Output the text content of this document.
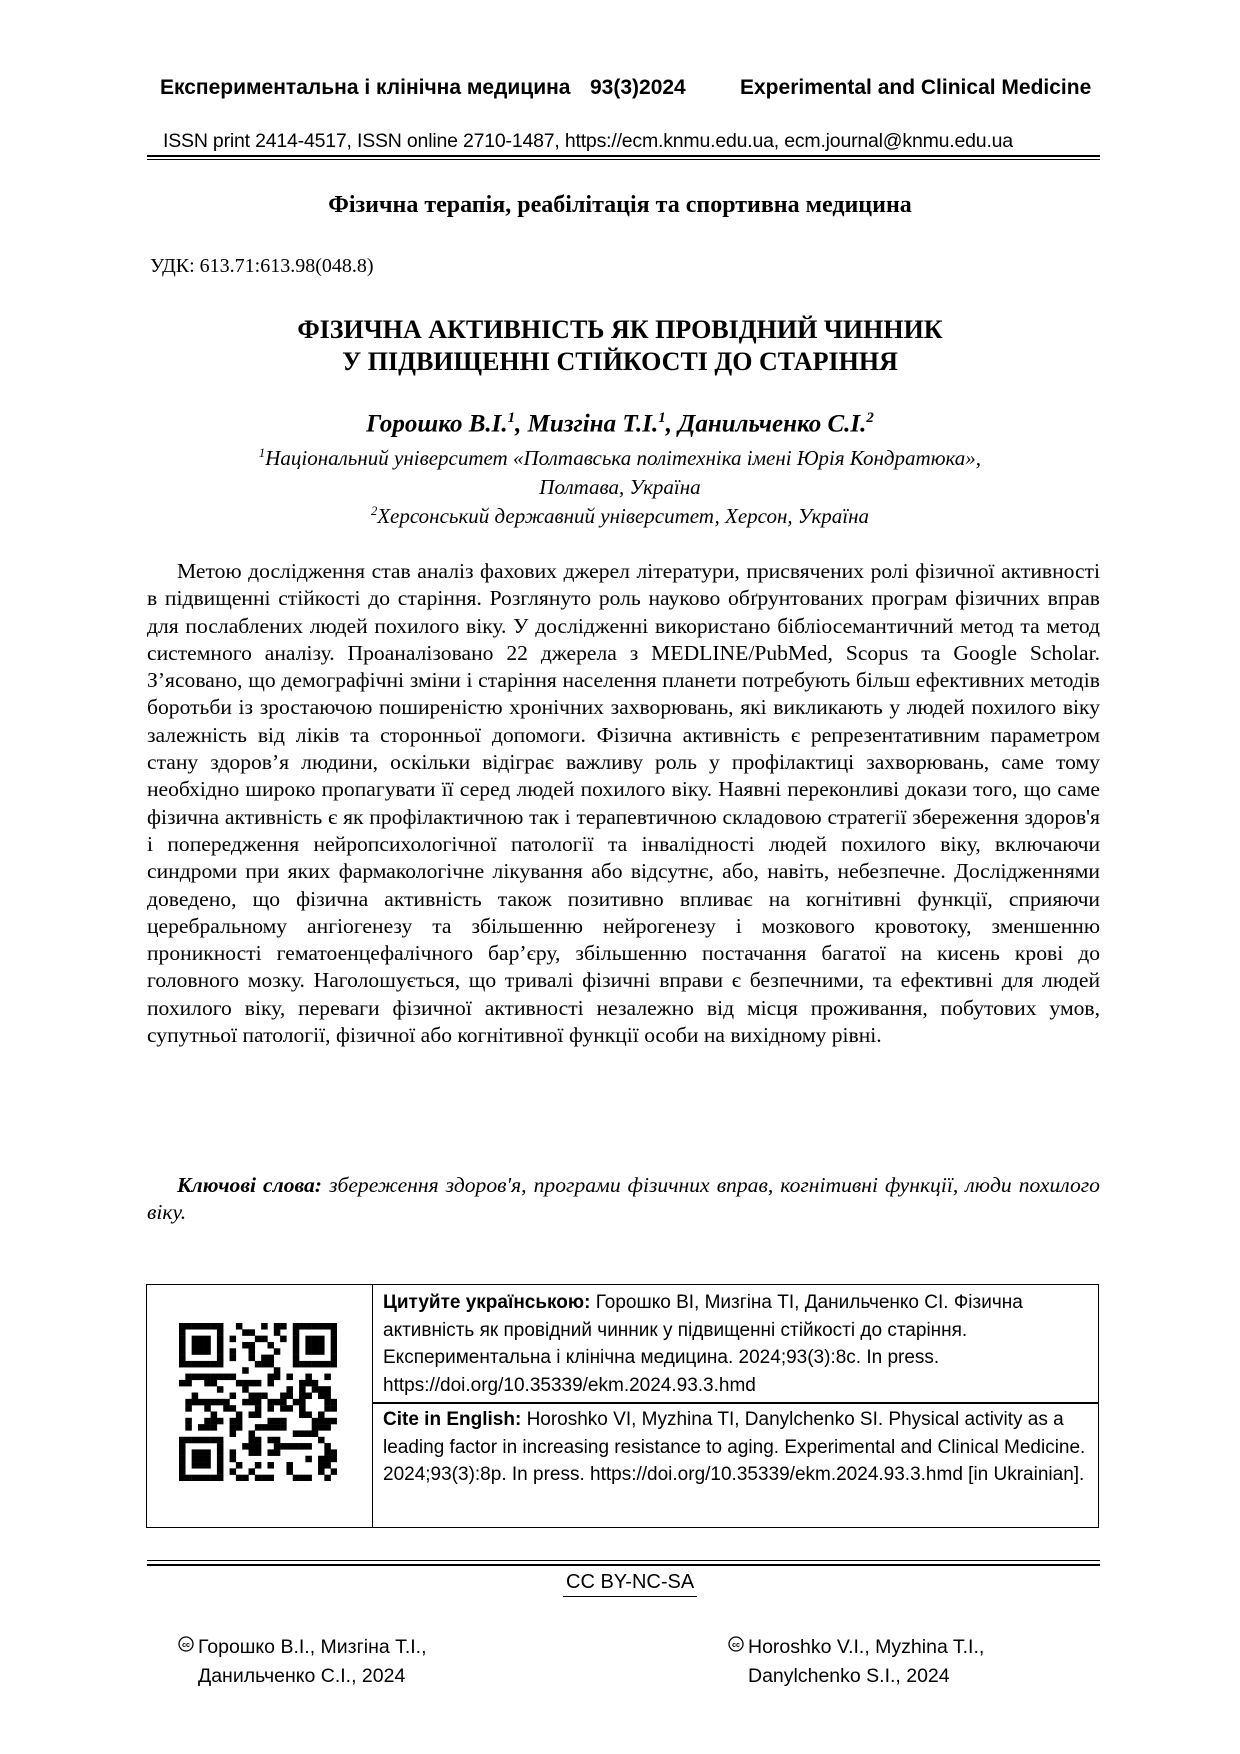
Експериментальна і клінічна медицина 93(3)2024	Experimental and Clinical Medicine
ISSN print 2414-4517, ISSN online 2710-1487, https://ecm.knmu.edu.ua, ecm.journal@knmu.edu.ua
Фізична терапія, реабілітація та спортивна медицина
УДК: 613.71:613.98(048.8)
ФІЗИЧНА АКТИВНІСТЬ ЯК ПРОВІДНИЙ ЧИННИК
У ПІДВИЩЕННІ СТІЙКОСТІ ДО СТАРІННЯ
Горошко В.І.$^1$, Мизгіна Т.І.$^1$, Данильченко С.І.$^2$
$^1$Національний університет «Полтавська політехніка імені Юрія Кондратюка»,
Полтава, Україна
$^2$Херсонський державний університет, Херсон, Україна

Метою дослідження став аналіз фахових джерел літератури, присвячених ролі фізичної активності в підвищенні стійкості до старіння. Розглянуто роль науково обґрунтованих програм фізичних вправ для послаблених людей похилого віку. У дослідженні використано бібліосемантичний метод та метод системного аналізу. Проаналізовано 22 джерела з MEDLINE/PubMed, Scopus та Google Scholar. З’ясовано, що демографічні зміни і старіння населення планети потребують більш ефективних методів боротьби із зростаючою поширеністю хронічних захворювань, які викликають у людей похилого віку залежність від ліків та сторонньої допомоги. Фізична активність є репрезентативним параметром стану здоров’я людини, оскільки відіграє важливу роль у профілактиці захворювань, саме тому необхідно широко пропагувати її серед людей похилого віку. Наявні переконливі докази того, що саме фізична активність є як профілактичною так і терапевтичною складовою стратегії збереження здоров'я і попередження нейропсихологічної патології та інвалідності людей похилого віку, включаючи синдроми при яких фармакологічне лікування або відсутнє, або, навіть, небезпечне. Дослідженнями доведено, що фізична активність також позитивно впливає на когнітивні функції, сприяючи церебральному ангіогенезу та збільшенню нейрогенезу і мозкового кровотоку, зменшенню проникності гематоенцефалічного бар’єру, збільшенню постачання багатої на кисень крові до головного мозку. Наголошується, що тривалі фізичні вправи є безпечними, та ефективні для людей похилого віку, переваги фізичної активності незалежно від місця проживання, побутових умов, супутньої патології, фізичної або когнітивної функції особи на вихідному рівні.

Ключові слова: збереження здоров'я, програми фізичних вправ, когнітивні функції, люди похилого віку.

Цитуйте українською: Горошко ВІ, Мизгіна ТІ, Данильченко СІ. Фізична активність як провідний чинник у підвищенні стійкості до старіння. Експериментальна і клінічна медицина. 2024;93(3):8с. In press. https://doi.org/10.35339/ekm.2024.93.3.hmd
Cite in English: Horoshko VI, Myzhina TI, Danylchenko SI. Physical activity as a leading factor in increasing resistance to aging. Experimental and Clinical Medicine. 2024;93(3):8p. In press. https://doi.org/10.35339/ekm.2024.93.3.hmd [in Ukrainian].
CC BY-NC-SA
cc Горошко В.І., Мизгіна Т.І.,
Данильченко С.І., 2024
cc Horoshko V.I., Myzhina T.I.,
Danylchenko S.I., 2024
